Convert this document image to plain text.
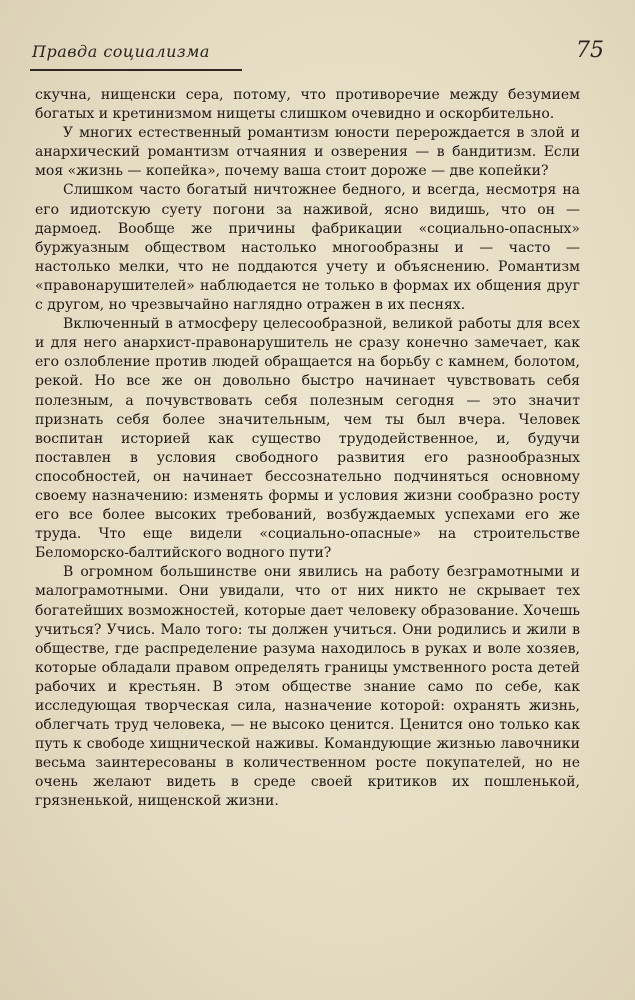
Правда социализма	75

скучна, нищенски сера, потому, что противоречие между безумием богатых и кретинизмом нищеты слишком очевидно и оскорбительно.

У многих естественный романтизм юности перерождается в злой и анархический романтизм отчаяния и озверения — в бандитизм. Если моя «жизнь — копейка», почему ваша стоит дороже — две копейки?

Слишком часто богатый ничтожнее бедного, и всегда, несмотря на его идиотскую суету погони за наживой, ясно видишь, что он — дармоед. Вообще же причины фабрикации «социально-опасных» буржуазным обществом настолько многообразны и — часто — настолько мелки, что не поддаются учету и объяснению. Романтизм «правонарушителей» наблюдается не только в формах их общения друг с другом, но чрезвычайно наглядно отражен в их песнях.

Включенный в атмосферу целесообразной, великой работы для всех и для него анархист-правонарушитель не сразу конечно замечает, как его озлобление против людей обращается на борьбу с камнем, болотом, рекой. Но все же он довольно быстро начинает чувствовать себя полезным, а почувствовать себя полезным сегодня — это значит признать себя более значительным, чем ты был вчера. Человек воспитан историей как существо трудодейственное, и, будучи поставлен в условия свободного развития его разнообразных способностей, он начинает бессознательно подчиняться основному своему назначению: изменять формы и условия жизни сообразно росту его все более высоких требований, возбуждаемых успехами его же труда. Что еще видели «социально-опасные» на строительстве Беломорско-балтийского водного пути?

В огромном большинстве они явились на работу безграмотными и малограмотными. Они увидали, что от них никто не скрывает тех богатейших возможностей, которые дает человеку образование. Хочешь учиться? Учись. Мало того: ты должен учиться. Они родились и жили в обществе, где распределение разума находилось в руках и воле хозяев, которые обладали правом определять границы умственного роста детей рабочих и крестьян. В этом обществе знание само по себе, как исследующая творческая сила, назначение которой: охранять жизнь, облегчать труд человека, — не высоко ценится. Ценится оно только как путь к свободе хищнической наживы. Командующие жизнью лавочники весьма заинтересованы в количественном росте покупателей, но не очень желают видеть в среде своей критиков их пошленькой, грязненькой, нищенской жизни.
